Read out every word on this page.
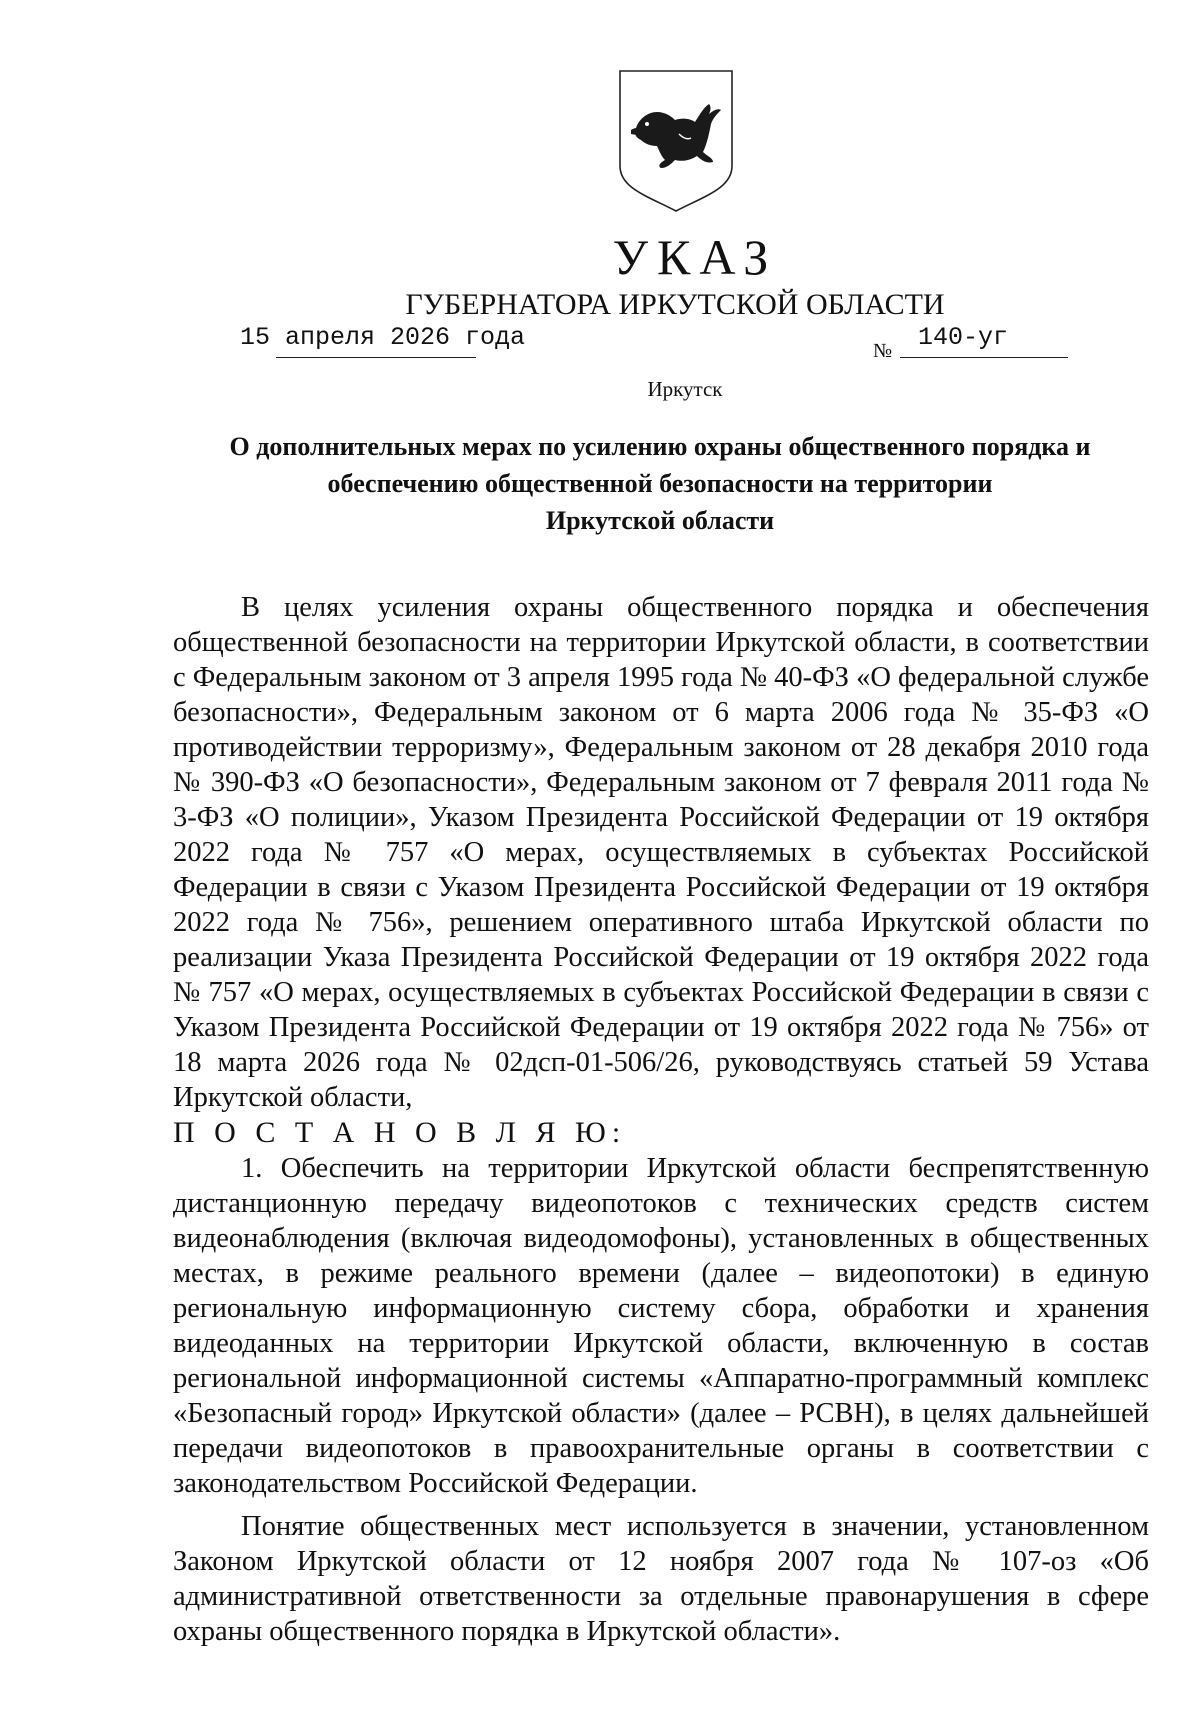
УКАЗ
ГУБЕРНАТОРА ИРКУТСКОЙ ОБЛАСТИ
15 апреля 2026 года	№ 140-уг
Иркутск
О дополнительных мерах по усилению охраны общественного порядка и
обеспечению общественной безопасности на территории
Иркутской области

В целях усиления охраны общественного порядка и обеспечения общественной безопасности на территории Иркутской области, в соответствии с Федеральным законом от 3 апреля 1995 года № 40-ФЗ «О федеральной службе безопасности», Федеральным законом от 6 марта 2006 года № 35-ФЗ «О противодействии терроризму», Федеральным законом от 28 декабря 2010 года № 390-ФЗ «О безопасности», Федеральным законом от 7 февраля 2011 года № 3-ФЗ «О полиции», Указом Президента Российской Федерации от 19 октября 2022 года № 757 «О мерах, осуществляемых в субъектах Российской Федерации в связи с Указом Президента Российской Федерации от 19 октября 2022 года № 756», решением оперативного штаба Иркутской области по реализации Указа Президента Российской Федерации от 19 октября 2022 года № 757 «О мерах, осуществляемых в субъектах Российской Федерации в связи с Указом Президента Российской Федерации от 19 октября 2022 года № 756» от 18 марта 2026 года № 02дсп-01-506/26, руководствуясь статьей 59 Устава Иркутской области,

П О С Т А Н О В Л Я Ю:

1. Обеспечить на территории Иркутской области беспрепятственную дистанционную передачу видеопотоков с технических средств систем видеонаблюдения (включая видеодомофоны), установленных в общественных местах, в режиме реального времени (далее – видеопотоки) в единую региональную информационную систему сбора, обработки и хранения видеоданных на территории Иркутской области, включенную в состав региональной информационной системы «Аппаратно-программный комплекс «Безопасный город» Иркутской области» (далее – РСВН), в целях дальнейшей передачи видеопотоков в правоохранительные органы в соответствии с законодательством Российской Федерации.

Понятие общественных мест используется в значении, установленном Законом Иркутской области от 12 ноября 2007 года № 107-оз «Об административной ответственности за отдельные правонарушения в сфере охраны общественного порядка в Иркутской области».
